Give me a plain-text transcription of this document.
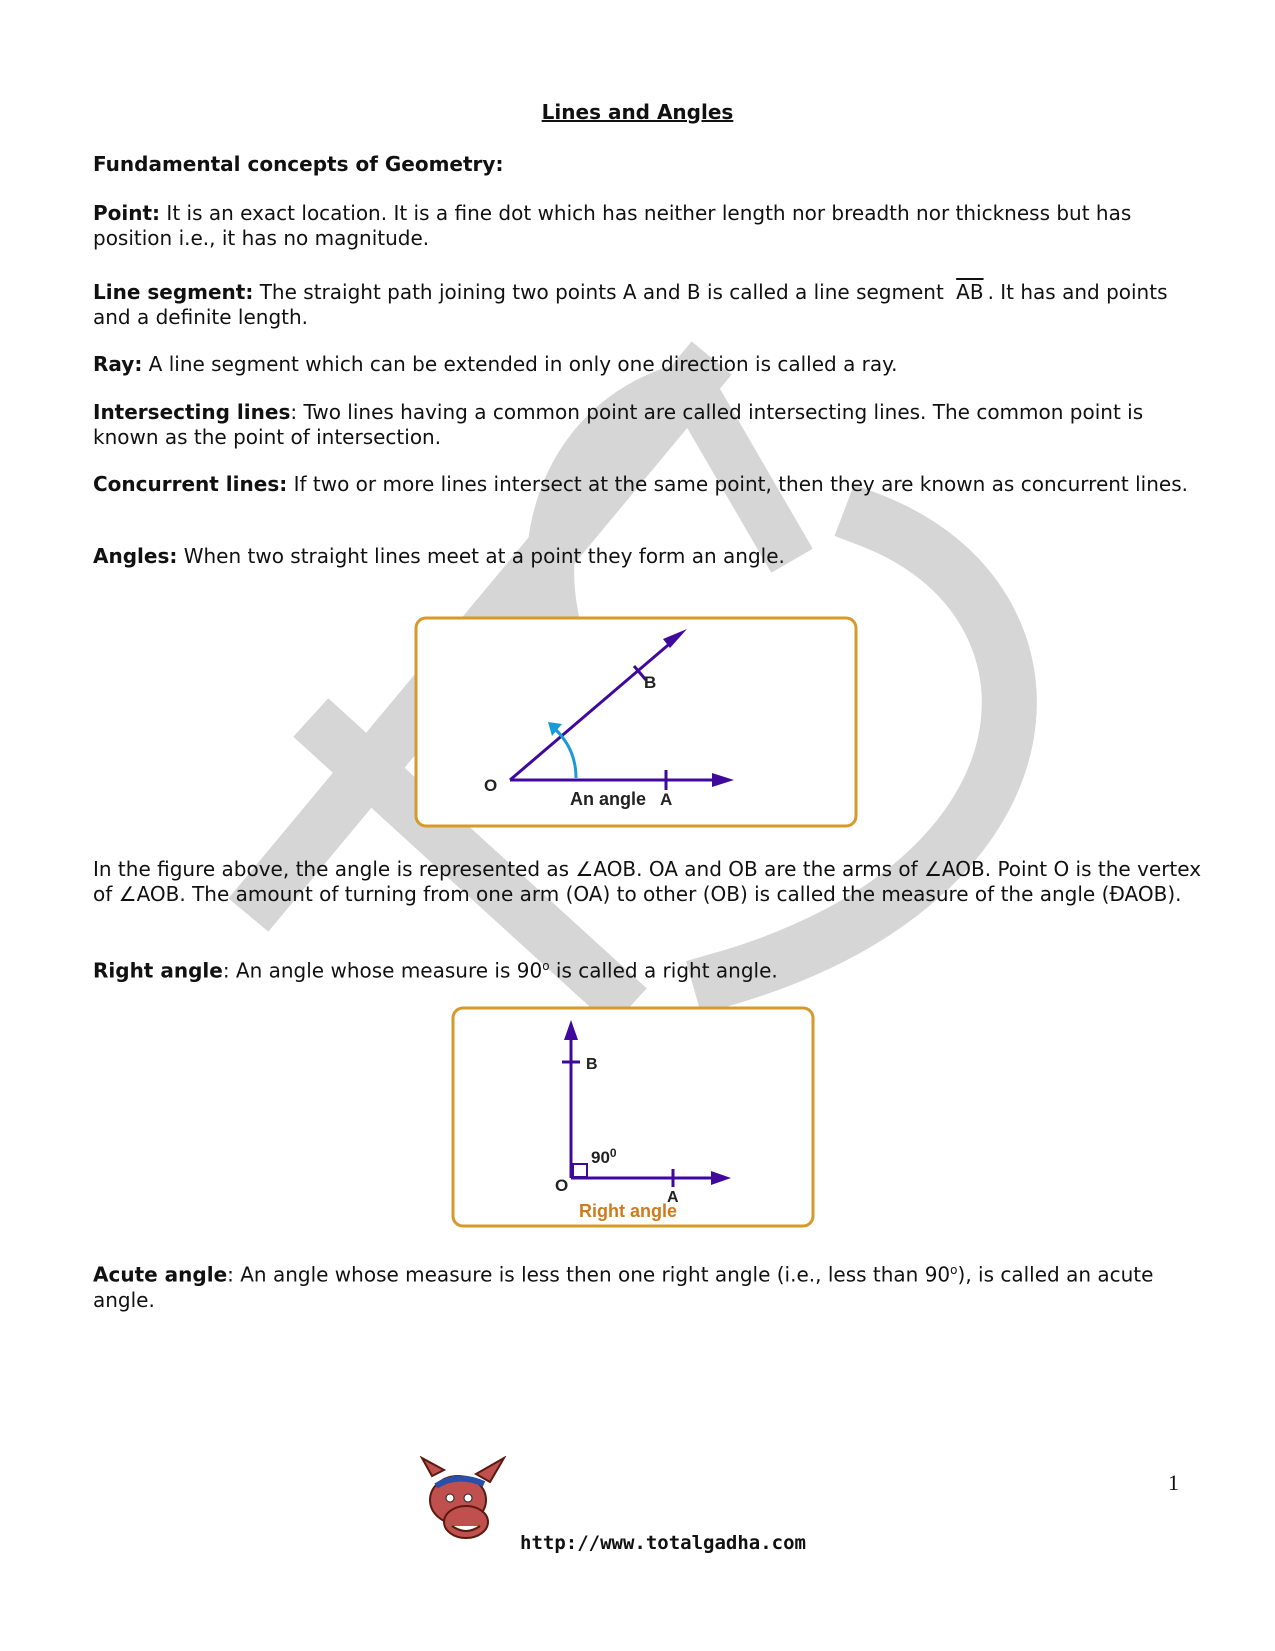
Lines and Angles

Fundamental concepts of Geometry:

Point: It is an exact location. It is a fine dot which has neither length nor breadth nor thickness but has position i.e., it has no magnitude.

Line segment: The straight path joining two points A and B is called a line segment $\overline{AB}$ . It has and points and a definite length.

Ray: A line segment which can be extended in only one direction is called a ray.

Intersecting lines: Two lines having a common point are called intersecting lines. The common point is known as the point of intersection.

Concurrent lines: If two or more lines intersect at the same point, then they are known as concurrent lines.

Angles: When two straight lines meet at a point they form an angle.

O
A
B
An angle

In the figure above, the angle is represented as ∠AOB. OA and OB are the arms of ∠AOB. Point O is the vertex of ∠AOB. The amount of turning from one arm (OA) to other (OB) is called the measure of the angle (ÐAOB).

Right angle: An angle whose measure is 90$^o$ is called a right angle.

O
A
B
$90^0$
Right angle

Acute angle: An angle whose measure is less then one right angle (i.e., less than 90$^o$), is called an acute angle.

1
http://www.totalgadha.com
